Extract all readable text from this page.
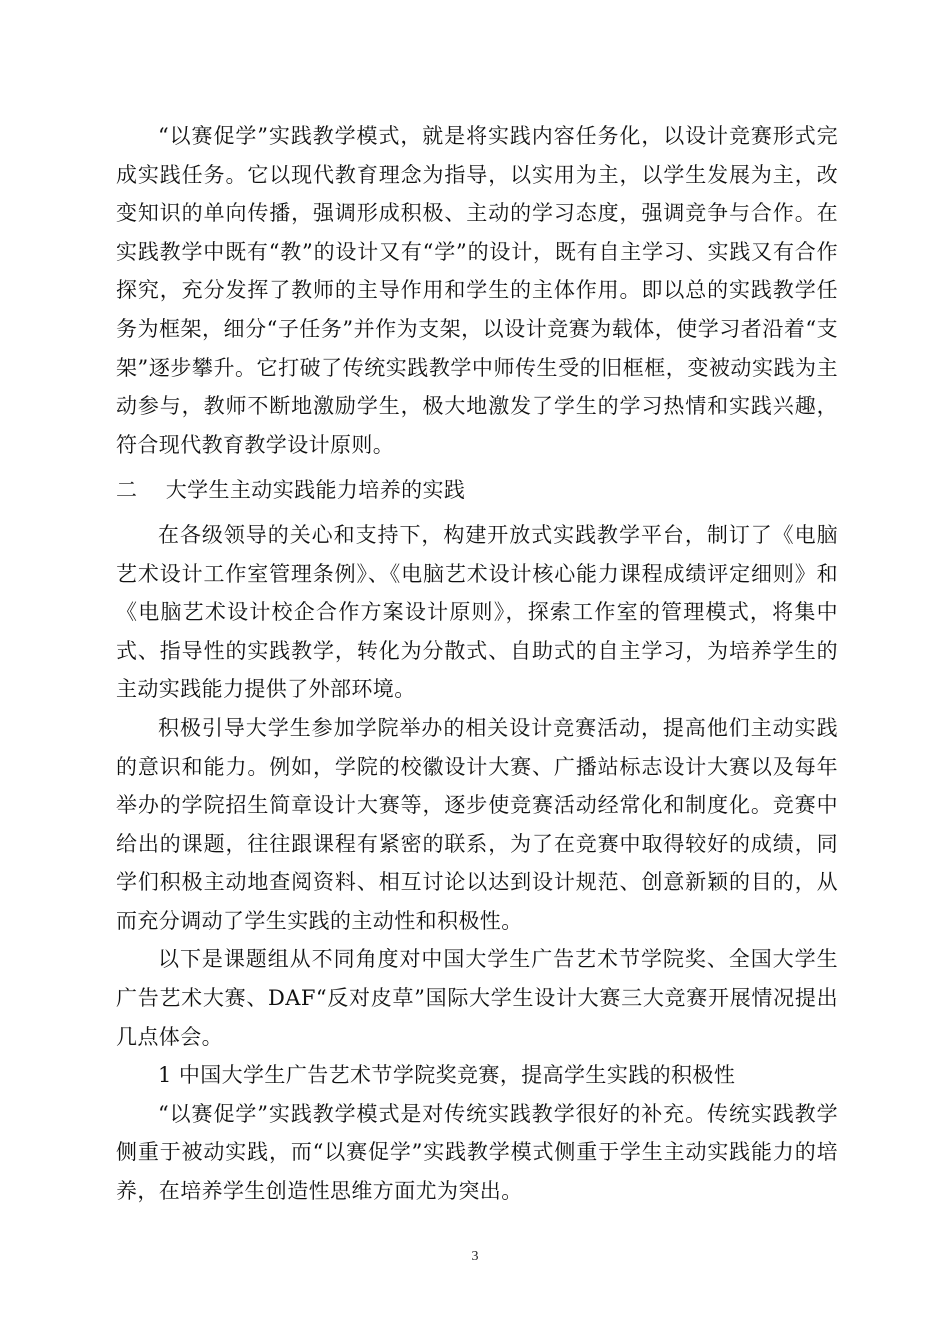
“以赛促学”实践教学模式，就是将实践内容任务化，以设计竞赛形式完成实践任务。它以现代教育理念为指导，以实用为主，以学生发展为主，改变知识的单向传播，强调形成积极、主动的学习态度，强调竞争与合作。在实践教学中既有“教”的设计又有“学”的设计，既有自主学习、实践又有合作探究，充分发挥了教师的主导作用和学生的主体作用。即以总的实践教学任务为框架，细分“子任务”并作为支架，以设计竞赛为载体，使学习者沿着“支架”逐步攀升。它打破了传统实践教学中师传生受的旧框框，变被动实践为主动参与，教师不断地激励学生，极大地激发了学生的学习热情和实践兴趣，符合现代教育教学设计原则。

二    大学生主动实践能力培养的实践

在各级领导的关心和支持下，构建开放式实践教学平台，制订了《电脑艺术设计工作室管理条例》、《电脑艺术设计核心能力课程成绩评定细则》和《电脑艺术设计校企合作方案设计原则》，探索工作室的管理模式，将集中式、指导性的实践教学，转化为分散式、自助式的自主学习，为培养学生的主动实践能力提供了外部环境。

积极引导大学生参加学院举办的相关设计竞赛活动，提高他们主动实践的意识和能力。例如，学院的校徽设计大赛、广播站标志设计大赛以及每年举办的学院招生简章设计大赛等，逐步使竞赛活动经常化和制度化。竞赛中给出的课题，往往跟课程有紧密的联系，为了在竞赛中取得较好的成绩，同学们积极主动地查阅资料、相互讨论以达到设计规范、创意新颖的目的，从而充分调动了学生实践的主动性和积极性。

以下是课题组从不同角度对中国大学生广告艺术节学院奖、全国大学生广告艺术大赛、DAF“反对皮草”国际大学生设计大赛三大竞赛开展情况提出几点体会。

1 中国大学生广告艺术节学院奖竞赛，提高学生实践的积极性

“以赛促学”实践教学模式是对传统实践教学很好的补充。传统实践教学侧重于被动实践，而“以赛促学”实践教学模式侧重于学生主动实践能力的培养，在培养学生创造性思维方面尤为突出。

3
